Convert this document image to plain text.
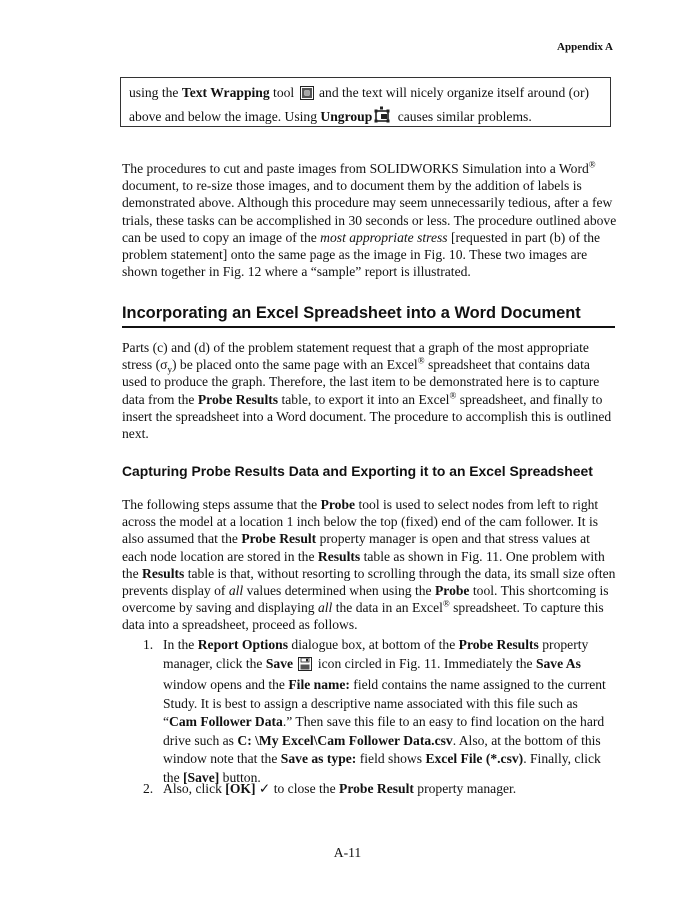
Appendix A
using the Text Wrapping tool  and the text will nicely organize itself around (or)
above and below the image. Using Ungroup causes similar problems.

The procedures to cut and paste images from SOLIDWORKS Simulation into a Word® document, to re-size those images, and to document them by the addition of labels is demonstrated above. Although this procedure may seem unnecessarily tedious, after a few trials, these tasks can be accomplished in 30 seconds or less. The procedure outlined above can be used to copy an image of the most appropriate stress [requested in part (b) of the problem statement] onto the same page as the image in Fig. 10. These two images are shown together in Fig. 12 where a “sample” report is illustrated.

Incorporating an Excel Spreadsheet into a Word Document

Parts (c) and (d) of the problem statement request that a graph of the most appropriate stress $(\sigma_y)$ be placed onto the same page with an Excel® spreadsheet that contains data used to produce the graph. Therefore, the last item to be demonstrated here is to capture data from the Probe Results table, to export it into an Excel® spreadsheet, and finally to insert the spreadsheet into a Word document. The procedure to accomplish this is outlined next.

Capturing Probe Results Data and Exporting it to an Excel Spreadsheet

The following steps assume that the Probe tool is used to select nodes from left to right across the model at a location 1 inch below the top (fixed) end of the cam follower. It is also assumed that the Probe Result property manager is open and that stress values at each node location are stored in the Results table as shown in Fig. 11. One problem with the Results table is that, without resorting to scrolling through the data, its small size often prevents display of all values determined when using the Probe tool. This shortcoming is overcome by saving and displaying all the data in an Excel® spreadsheet. To capture this data into a spreadsheet, proceed as follows.

1. In the Report Options dialogue box, at bottom of the Probe Results property manager, click the Save  icon circled in Fig. 11. Immediately the Save As window opens and the File name: field contains the name assigned to the current Study. It is best to assign a descriptive name associated with this file such as “Cam Follower Data.” Then save this file to an easy to find location on the hard drive such as C: \My Excel\Cam Follower Data.csv. Also, at the bottom of this window note that the Save as type: field shows Excel File (*.csv). Finally, click the [Save] button.
2. Also, click [OK] ✓ to close the Probe Result property manager.
A-11
